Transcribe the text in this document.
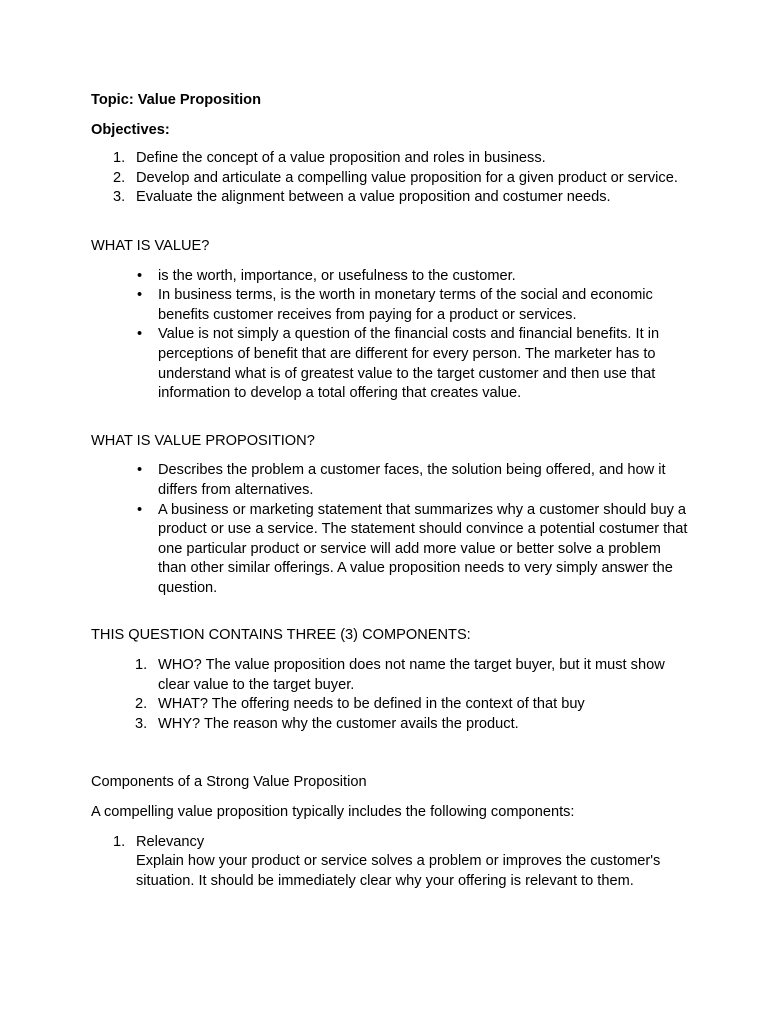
Topic: Value Proposition

Objectives:

1. Define the concept of a value proposition and roles in business.
2. Develop and articulate a compelling value proposition for a given product or service.
3. Evaluate the alignment between a value proposition and costumer needs.

WHAT IS VALUE?

• is the worth, importance, or usefulness to the customer.
• In business terms, is the worth in monetary terms of the social and economic benefits customer receives from paying for a product or services.
• Value is not simply a question of the financial costs and financial benefits. It in perceptions of benefit that are different for every person. The marketer has to understand what is of greatest value to the target customer and then use that information to develop a total offering that creates value.

WHAT IS VALUE PROPOSITION?

• Describes the problem a customer faces, the solution being offered, and how it differs from alternatives.
• A business or marketing statement that summarizes why a customer should buy a product or use a service. The statement should convince a potential costumer that one particular product or service will add more value or better solve a problem than other similar offerings. A value proposition needs to very simply answer the question.

THIS QUESTION CONTAINS THREE (3) COMPONENTS:

1. WHO? The value proposition does not name the target buyer, but it must show clear value to the target buyer.
2. WHAT? The offering needs to be defined in the context of that buy
3. WHY? The reason why the customer avails the product.

Components of a Strong Value Proposition

A compelling value proposition typically includes the following components:

1. Relevancy
Explain how your product or service solves a problem or improves the customer's situation. It should be immediately clear why your offering is relevant to them.
